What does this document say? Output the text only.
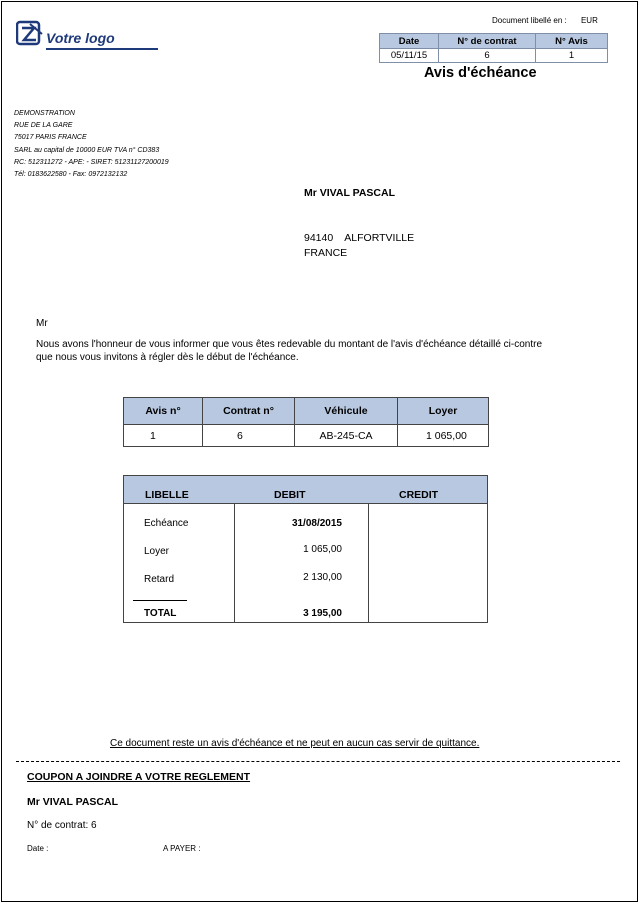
Votre logo
Document libellé en : EUR
Date	N° de contrat	N° Avis
05/11/15	6	1
Avis d'échéance
DEMONSTRATION
RUE DE LA GARE
75017 PARIS FRANCE
SARL au capital de 10000 EUR TVA n° CD383
RC: 512311272 - APE: - SIRET: 51231127200019
Tél: 0183622580 - Fax: 0972132132
Mr VIVAL PASCAL
94140    ALFORTVILLE
FRANCE
Mr
Nous avons l'honneur de vous informer que vous êtes redevable du montant de l'avis d'échéance détaillé ci-contre
que nous vous invitons à régler dès le début de l'échéance.
Avis n°	Contrat n°	Véhicule	Loyer
1	6	AB-245-CA	1 065,00
LIBELLE	DEBIT	CREDIT
Echéance	31/08/2015
Loyer	1 065,00
Retard	2 130,00
TOTAL	3 195,00
Ce document reste un avis d'échéance et ne peut en aucun cas servir de quittance.
COUPON A JOINDRE A VOTRE REGLEMENT
Mr VIVAL PASCAL
N° de contrat: 6
Date :	A PAYER :
